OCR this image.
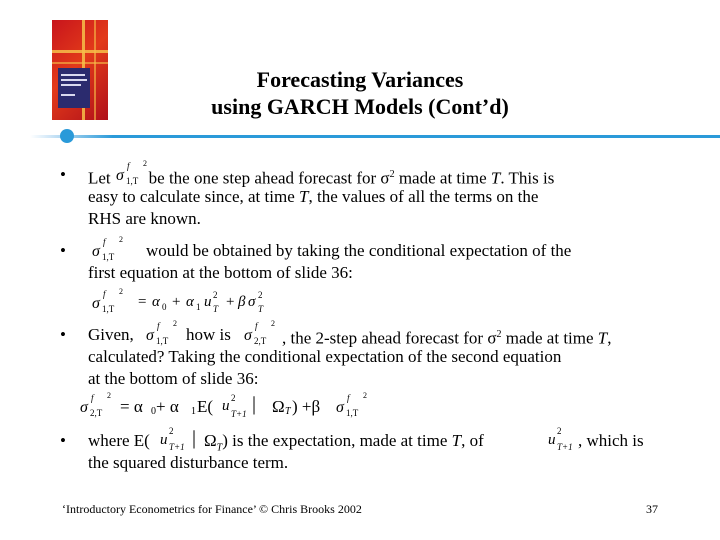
Forecasting Variances
using GARCH Models (Cont’d)
• Let be the one step ahead forecast for $\sigma^2$ made at time T. This is
σ
f
1,T
2
easy to calculate since, at time T, the values of all the terms on the
RHS are known.
• σ
f
1,T
2
would be obtained by taking the conditional expectation of the
first equation at the bottom of slide 36:
σ
f
1,T
2
= α 0 + α 1 u 2
T + β σ 2
T
• Given, σ
f
1,T
2
how is σ
f
2,T
2
, the 2-step ahead forecast for $\sigma^2$ made at time T,
calculated? Taking the conditional expectation of the second equation
at the bottom of slide 36:
σ
f
2,T
2
= α 0 + α 1 E( u 2
T+1 | Ω T ) +β σ
f
1,T
2
• where E( u
2
T+1 | $\Omega_T$) is the expectation, made at time T, of	u
2
T+1 , which is
the squared disturbance term.
‘Introductory Econometrics for Finance’ © Chris Brooks 2002	37
